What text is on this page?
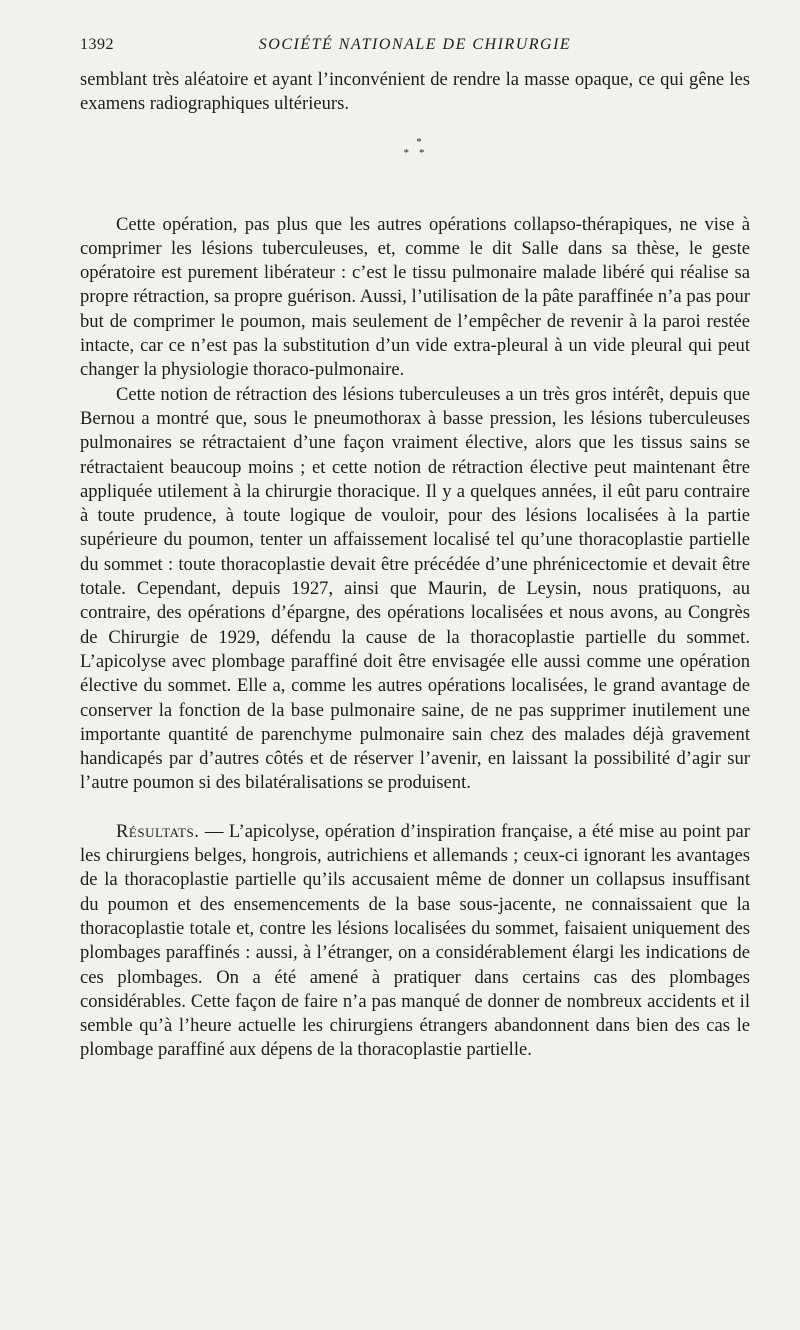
1392	SOCIÉTÉ NATIONALE DE CHIRURGIE

semblant très aléatoire et ayant l’inconvénient de rendre la masse opaque, ce qui gêne les examens radiographiques ultérieurs.

*
**

Cette opération, pas plus que les autres opérations collapso-thérapiques, ne vise à comprimer les lésions tuberculeuses, et, comme le dit Salle dans sa thèse, le geste opératoire est purement libérateur : c’est le tissu pulmonaire malade libéré qui réalise sa propre rétraction, sa propre guérison. Aussi, l’utilisation de la pâte paraffinée n’a pas pour but de comprimer le poumon, mais seulement de l’empêcher de revenir à la paroi restée intacte, car ce n’est pas la substitution d’un vide extra-pleural à un vide pleural qui peut changer la physiologie thoraco-pulmonaire.

Cette notion de rétraction des lésions tuberculeuses a un très gros intérêt, depuis que Bernou a montré que, sous le pneumothorax à basse pression, les lésions tuberculeuses pulmonaires se rétractaient d’une façon vraiment élective, alors que les tissus sains se rétractaient beaucoup moins ; et cette notion de rétraction élective peut maintenant être appliquée utilement à la chirurgie thoracique. Il y a quelques années, il eût paru contraire à toute prudence, à toute logique de vouloir, pour des lésions localisées à la partie supérieure du poumon, tenter un affaissement localisé tel qu’une thoracoplastie partielle du sommet : toute thoracoplastie devait être précédée d’une phrénicectomie et devait être totale. Cependant, depuis 1927, ainsi que Maurin, de Leysin, nous pratiquons, au contraire, des opérations d’épargne, des opérations localisées et nous avons, au Congrès de Chirurgie de 1929, défendu la cause de la thoracoplastie partielle du sommet. L’apicolyse avec plombage paraffiné doit être envisagée elle aussi comme une opération élective du sommet. Elle a, comme les autres opérations localisées, le grand avantage de conserver la fonction de la base pulmonaire saine, de ne pas supprimer inutilement une importante quantité de parenchyme pulmonaire sain chez des malades déjà gravement handicapés par d’autres côtés et de réserver l’avenir, en laissant la possibilité d’agir sur l’autre poumon si des bilatéralisations se produisent.

Résultats. — L’apicolyse, opération d’inspiration française, a été mise au point par les chirurgiens belges, hongrois, autrichiens et allemands ; ceux-ci ignorant les avantages de la thoracoplastie partielle qu’ils accusaient même de donner un collapsus insuffisant du poumon et des ensemencements de la base sous-jacente, ne connaissaient que la thoracoplastie totale et, contre les lésions localisées du sommet, faisaient uniquement des plombages paraffinés : aussi, à l’étranger, on a considérablement élargi les indications de ces plombages. On a été amené à pratiquer dans certains cas des plombages considérables. Cette façon de faire n’a pas manqué de donner de nombreux accidents et il semble qu’à l’heure actuelle les chirurgiens étrangers abandonnent dans bien des cas le plombage paraffiné aux dépens de la thoracoplastie partielle.
